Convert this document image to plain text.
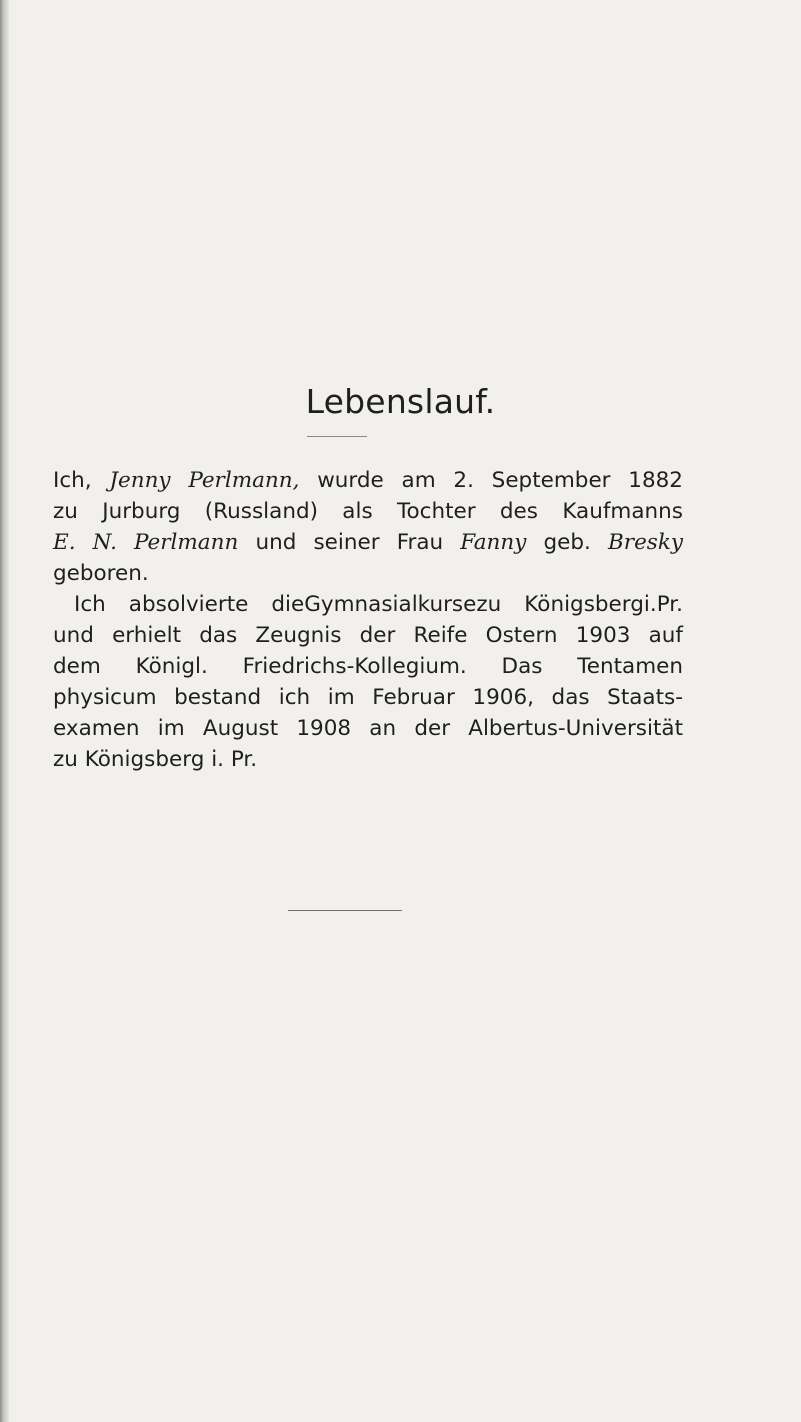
Lebenslauf.
Ich, Jenny Perlmann, wurde am 2. September 1882
zu Jurburg (Russland) als Tochter des Kaufmanns
E. N. Perlmann und seiner Frau Fanny geb. Bresky
geboren.
Ich absolvierte dieGymnasialkursezu Königsbergi.Pr.
und erhielt das Zeugnis der Reife Ostern 1903 auf
dem Königl. Friedrichs-Kollegium. Das Tentamen
physicum bestand ich im Februar 1906, das Staats-
examen im August 1908 an der Albertus-Universität
zu Königsberg i. Pr.
